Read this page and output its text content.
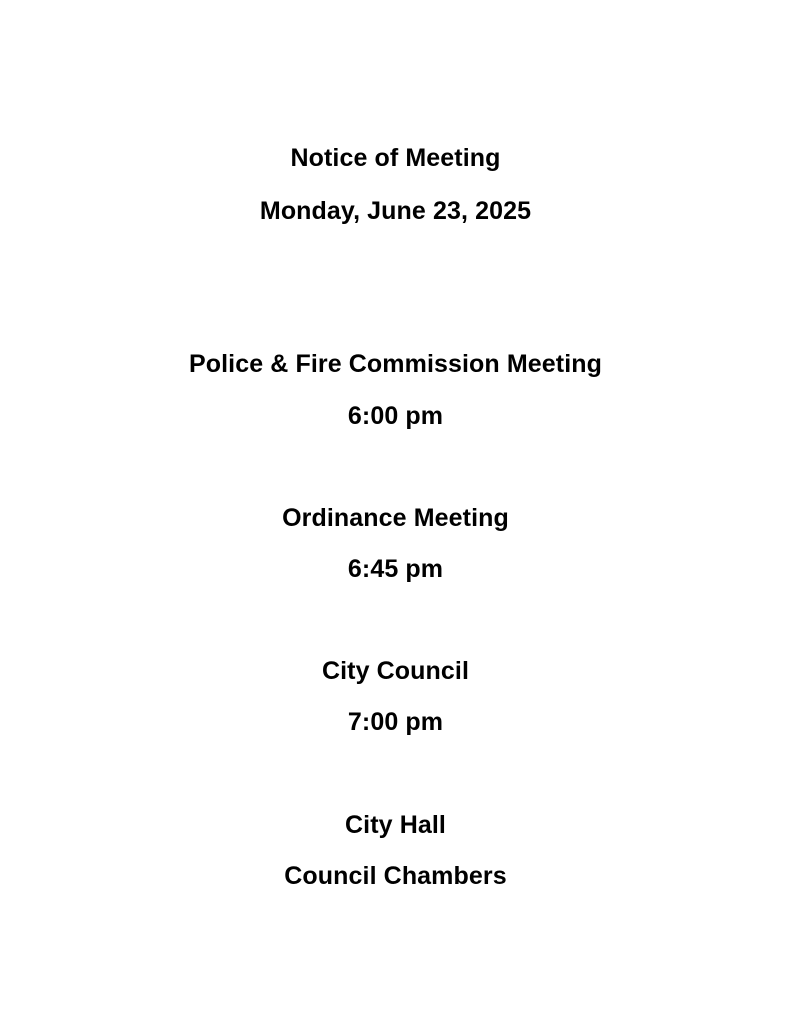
Notice of Meeting
Monday, June 23, 2025
Police & Fire Commission Meeting
6:00 pm
Ordinance Meeting
6:45 pm
City Council
7:00 pm
City Hall
Council Chambers
